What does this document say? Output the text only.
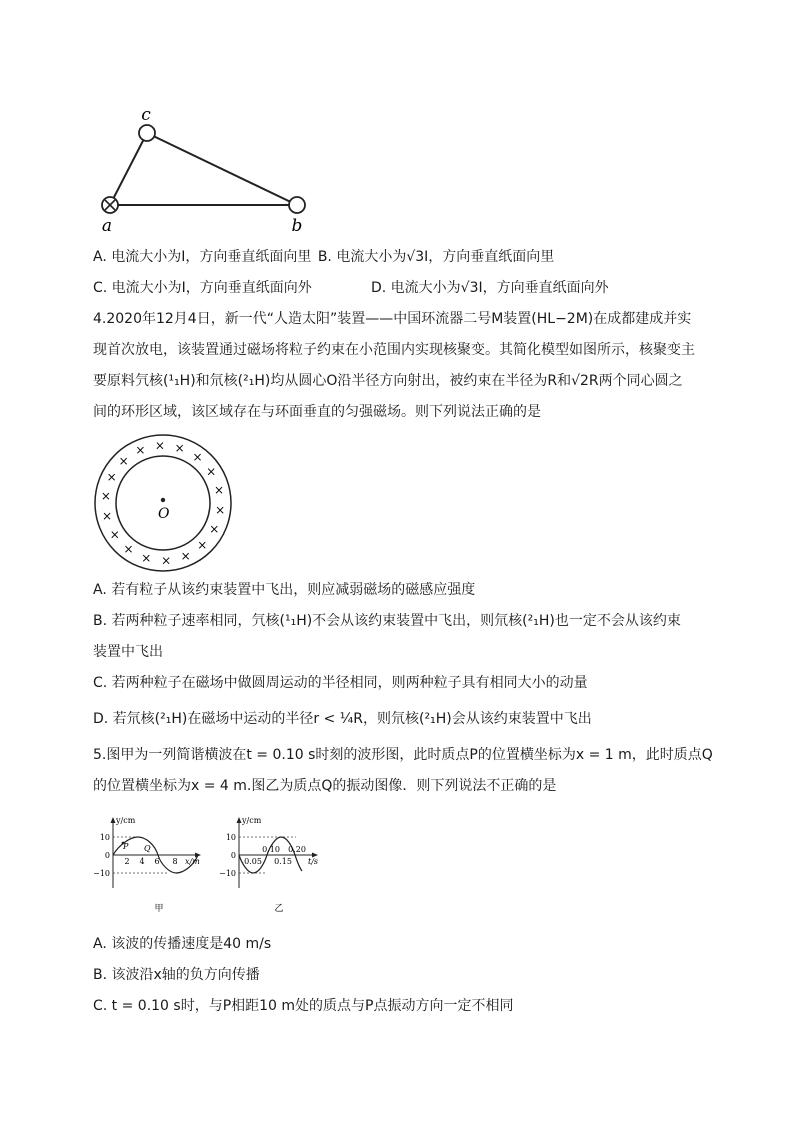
c
a	b
A. 电流大小为I，方向垂直纸面向里 B. 电流大小为√3I，方向垂直纸面向里
C. 电流大小为I，方向垂直纸面向外	D. 电流大小为√3I，方向垂直纸面向外
4.2020年12月4日，新一代“人造太阳”装置——中国环流器二号M装置(HL−2M)在成都建成并实
现首次放电，该装置通过磁场将粒子约束在小范围内实现核聚变。其简化模型如图所示，核聚变主
要原料氕核(¹₁H)和氘核(²₁H)均从圆心O沿半径方向射出，被约束在半径为R和√2R两个同心圆之
间的环形区域，该区域存在与环面垂直的匀强磁场。则下列说法正确的是
O	×
×
×
×
×
×
×
×
×
×
×
×
× × ×
×
×
×
A. 若有粒子从该约束装置中飞出，则应减弱磁场的磁感应强度
B. 若两种粒子速率相同，氕核(¹₁H)不会从该约束装置中飞出，则氘核(²₁H)也一定不会从该约束
装置中飞出
C. 若两种粒子在磁场中做圆周运动的半径相同，则两种粒子具有相同大小的动量
D. 若氘核(²₁H)在磁场中运动的半径r < ¼R，则氘核(²₁H)会从该约束装置中飞出
5.图甲为一列简谐横波在t = 0.10 s时刻的波形图，此时质点P的位置横坐标为x = 1 m，此时质点Q
的位置横坐标为x = 4 m.图乙为质点Q的振动图像．则下列说法不正确的是
y/cm
10
0
−10
2 4 6 8 x/m
P Q
甲
y/cm
10
0
−10
0.10 0.20
0.05 0.15 t/s
乙
A. 该波的传播速度是40 m/s
B. 该波沿x轴的负方向传播
C. t = 0.10 s时，与P相距10 m处的质点与P点振动方向一定不相同
